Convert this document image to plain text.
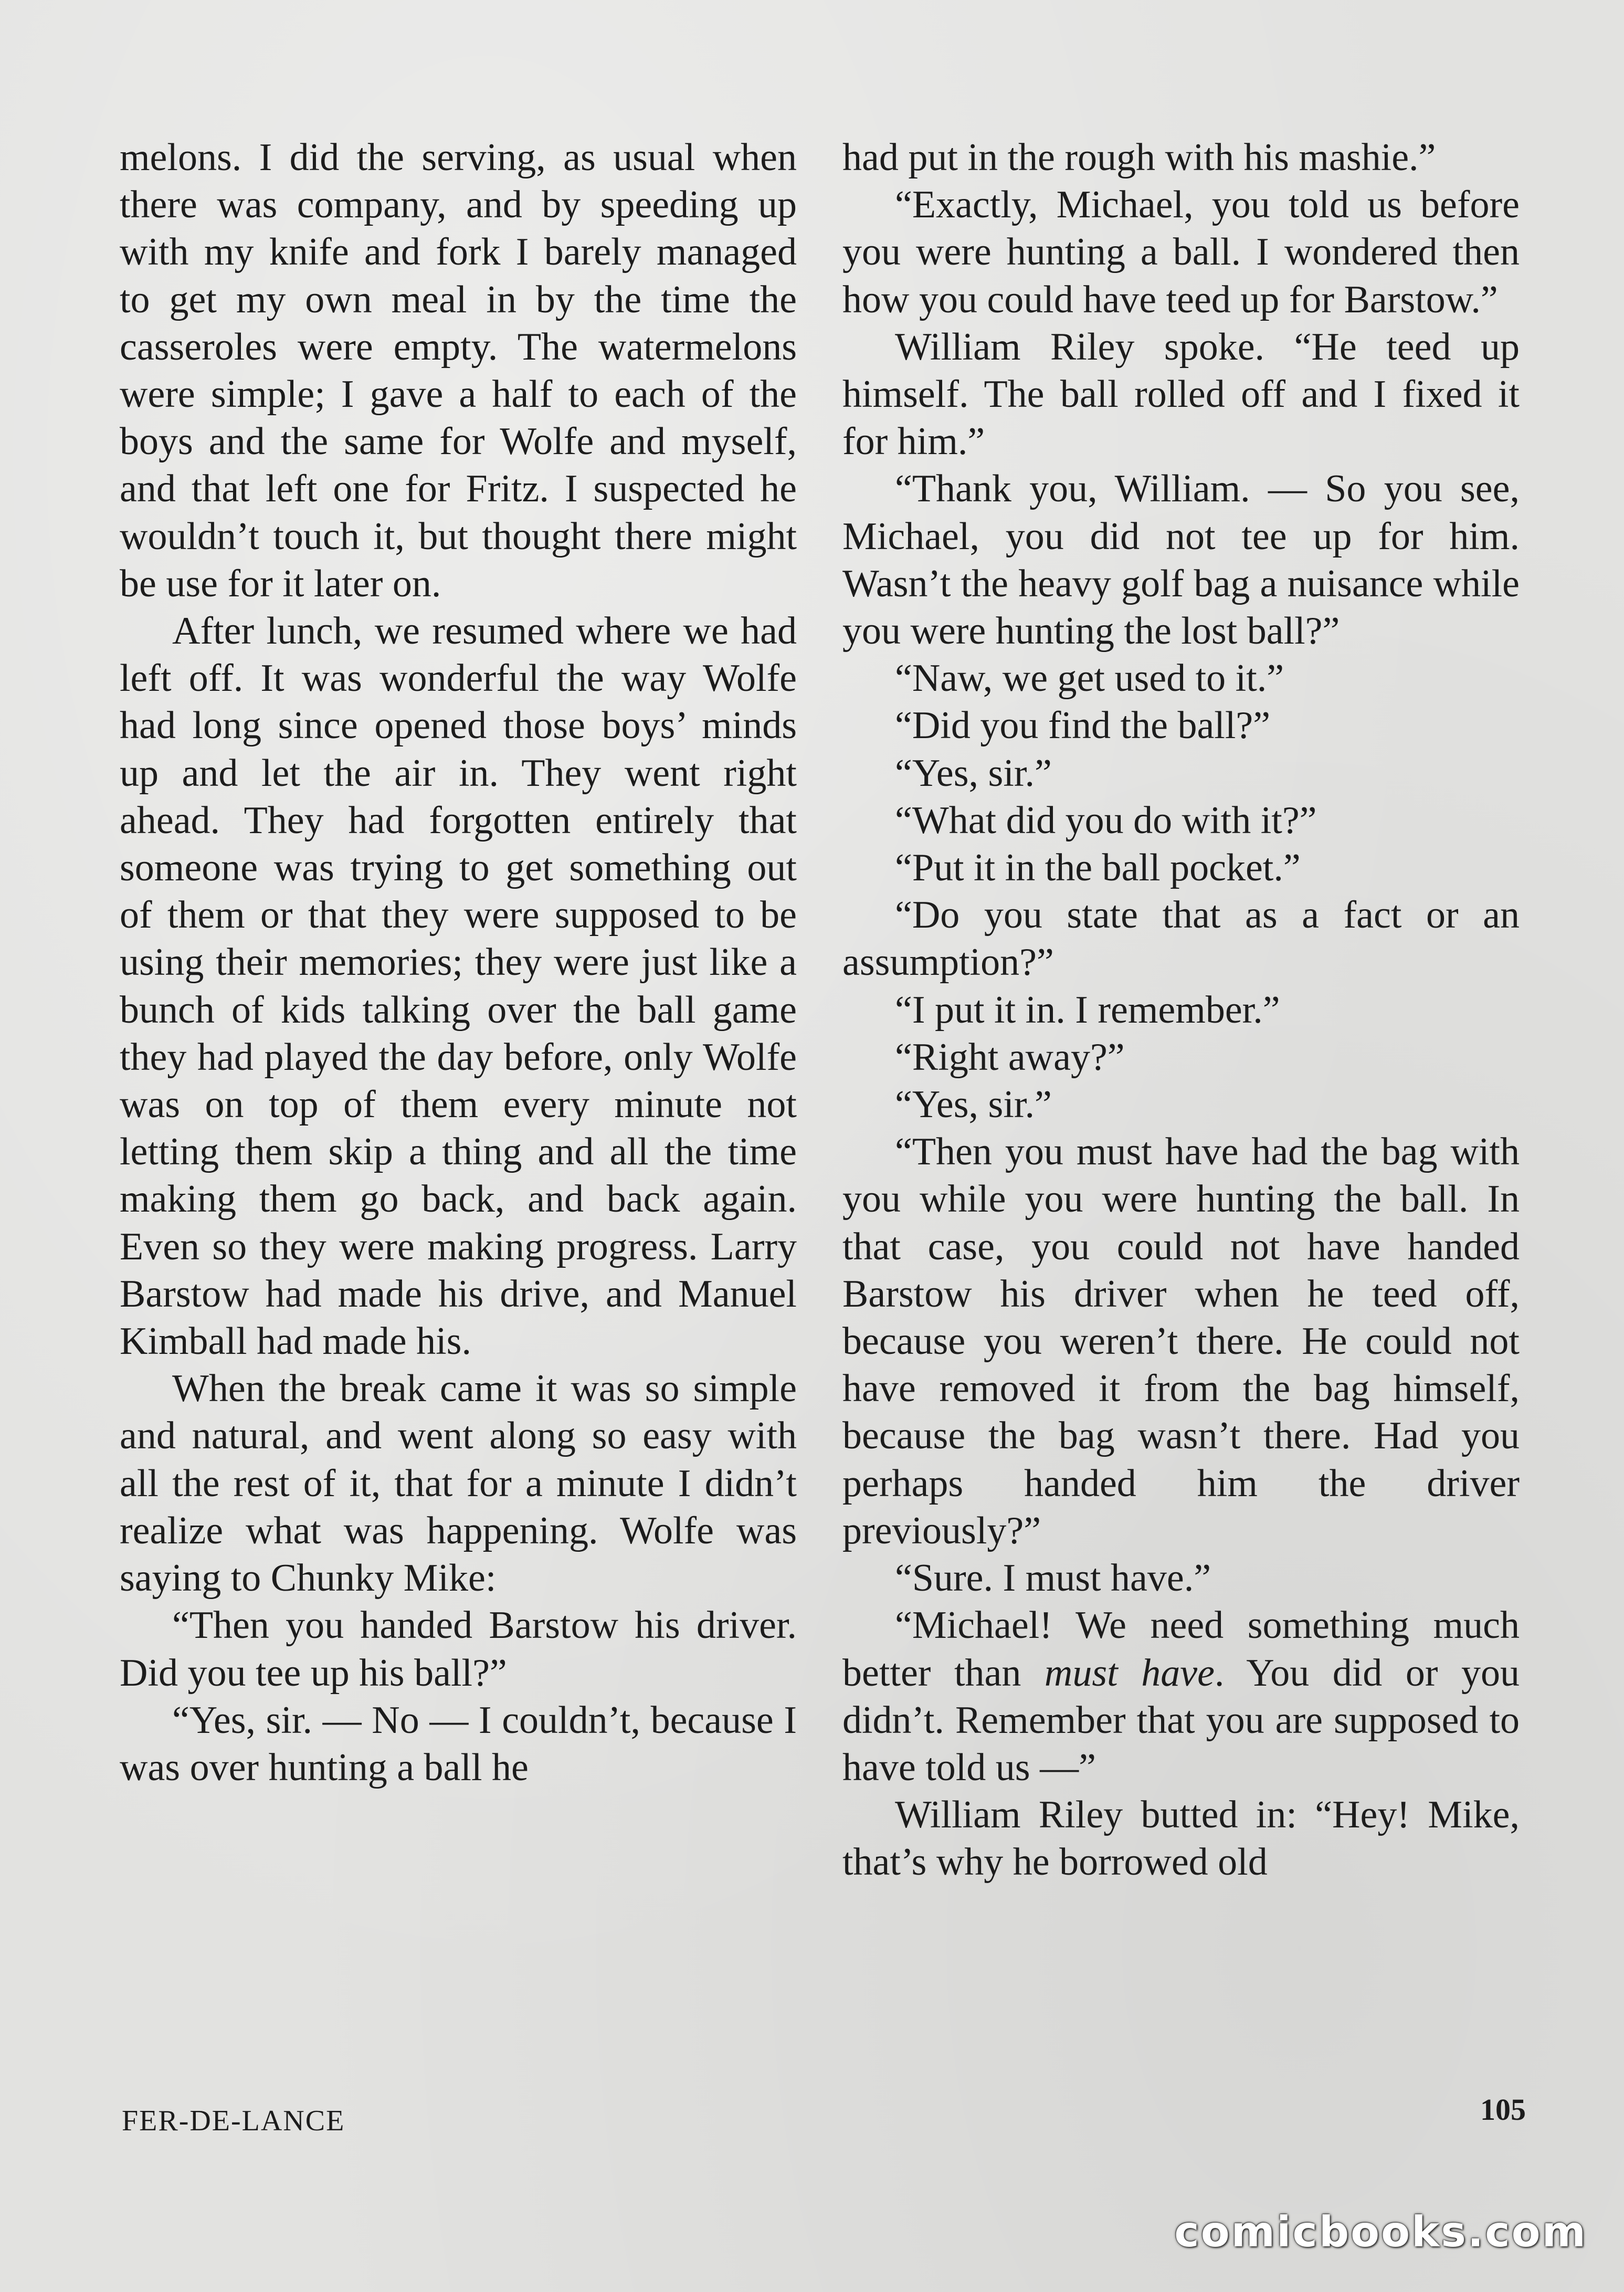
melons. I did the serving, as usual when there was company, and by speeding up with my knife and fork I barely managed to get my own meal in by the time the casseroles were empty. The watermelons were simple; I gave a half to each of the boys and the same for Wolfe and myself, and that left one for Fritz. I suspected he wouldn’t touch it, but thought there might be use for it later on.

After lunch, we resumed where we had left off. It was wonderful the way Wolfe had long since opened those boys’ minds up and let the air in. They went right ahead. They had forgotten entirely that someone was trying to get something out of them or that they were supposed to be using their memories; they were just like a bunch of kids talking over the ball game they had played the day before, only Wolfe was on top of them every minute not letting them skip a thing and all the time making them go back, and back again. Even so they were making progress. Larry Barstow had made his drive, and Manuel Kimball had made his.

When the break came it was so simple and natural, and went along so easy with all the rest of it, that for a minute I didn’t realize what was happening. Wolfe was saying to Chunky Mike:

“Then you handed Barstow his driver. Did you tee up his ball?”

“Yes, sir. — No — I couldn’t, because I was over hunting a ball he

had put in the rough with his mashie.”

“Exactly, Michael, you told us before you were hunting a ball. I wondered then how you could have teed up for Barstow.”

William Riley spoke. “He teed up himself. The ball rolled off and I fixed it for him.”

“Thank you, William. — So you see, Michael, you did not tee up for him. Wasn’t the heavy golf bag a nuisance while you were hunting the lost ball?”

“Naw, we get used to it.”

“Did you find the ball?”

“Yes, sir.”

“What did you do with it?”

“Put it in the ball pocket.”

“Do you state that as a fact or an assumption?”

“I put it in. I remember.”

“Right away?”

“Yes, sir.”

“Then you must have had the bag with you while you were hunting the ball. In that case, you could not have handed Barstow his driver when he teed off, because you weren’t there. He could not have removed it from the bag himself, because the bag wasn’t there. Had you perhaps handed him the driver previously?”

“Sure. I must have.”

“Michael! We need something much better than must have. You did or you didn’t. Remember that you are supposed to have told us —”

William Riley butted in: “Hey! Mike, that’s why he borrowed old

FER-DE-LANCE	105
comicbooks.com
